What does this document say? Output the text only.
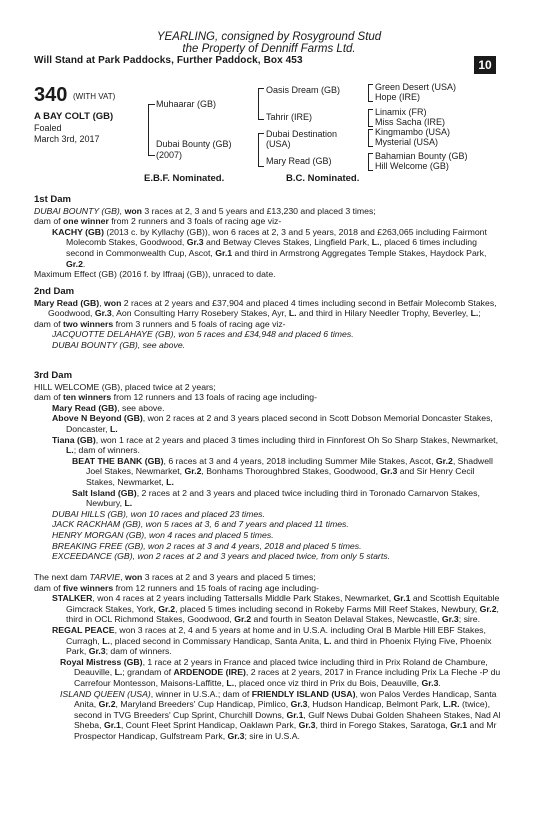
YEARLING, consigned by Rosyground Stud
the Property of Denniff Farms Ltd.
Will Stand at Park Paddocks, Further Paddock, Box 453	10
340 (WITH VAT)
A BAY COLT (GB)
Foaled
March 3rd, 2017
Muhaarar (GB)
Dubai Bounty (GB)
(2007)
Oasis Dream (GB)
Tahrir (IRE)
Dubai Destination
(USA)
Mary Read (GB)
Green Desert (USA)
Hope (IRE)
Linamix (FR)
Miss Sacha (IRE)
Kingmambo (USA)
Mysterial (USA)
Bahamian Bounty (GB)
Hill Welcome (GB)
E.B.F. Nominated.	B.C. Nominated.

1st Dam

DUBAI BOUNTY (GB), won 3 races at 2, 3 and 5 years and £13,230 and placed 3 times;

dam of one winner from 2 runners and 3 foals of racing age viz-

KACHY (GB) (2013 c. by Kyllachy (GB)), won 6 races at 2, 3 and 5 years, 2018 and £263,065 including Fairmont Molecomb Stakes, Goodwood, Gr.3 and Betway Cleves Stakes, Lingfield Park, L., placed 6 times including second in Commonwealth Cup, Ascot, Gr.1 and third in Armstrong Aggregates Temple Stakes, Haydock Park, Gr.2.

Maximum Effect (GB) (2016 f. by Iffraaj (GB)), unraced to date.

2nd Dam

Mary Read (GB), won 2 races at 2 years and £37,904 and placed 4 times including second in Betfair Molecomb Stakes, Goodwood, Gr.3, Aon Consulting Harry Rosebery Stakes, Ayr, L. and third in Hilary Needler Trophy, Beverley, L.;

dam of two winners from 3 runners and 5 foals of racing age viz-

JACQUOTTE DELAHAYE (GB), won 5 races and £34,948 and placed 6 times.

DUBAI BOUNTY (GB), see above.

3rd Dam

HILL WELCOME (GB), placed twice at 2 years;

dam of ten winners from 12 runners and 13 foals of racing age including-

Mary Read (GB), see above.

Above N Beyond (GB), won 2 races at 2 and 3 years placed second in Scott Dobson Memorial Doncaster Stakes, Doncaster, L.

Tiana (GB), won 1 race at 2 years and placed 3 times including third in Finnforest Oh So Sharp Stakes, Newmarket, L.; dam of winners.

BEAT THE BANK (GB), 6 races at 3 and 4 years, 2018 including Summer Mile Stakes, Ascot, Gr.2, Shadwell Joel Stakes, Newmarket, Gr.2, Bonhams Thoroughbred Stakes, Goodwood, Gr.3 and Sir Henry Cecil Stakes, Newmarket, L.

Salt Island (GB), 2 races at 2 and 3 years and placed twice including third in Toronado Carnarvon Stakes, Newbury, L.

DUBAI HILLS (GB), won 10 races and placed 23 times.

JACK RACKHAM (GB), won 5 races at 3, 6 and 7 years and placed 11 times.

HENRY MORGAN (GB), won 4 races and placed 5 times.

BREAKING FREE (GB), won 2 races at 3 and 4 years, 2018 and placed 5 times.

EXCEEDANCE (GB), won 2 races at 2 and 3 years and placed twice, from only 5 starts.

The next dam TARVIE, won 3 races at 2 and 3 years and placed 5 times;

dam of five winners from 12 runners and 15 foals of racing age including-

STALKER, won 4 races at 2 years including Tattersalls Middle Park Stakes, Newmarket, Gr.1 and Scottish Equitable Gimcrack Stakes, York, Gr.2, placed 5 times including second in Rokeby Farms Mill Reef Stakes, Newbury, Gr.2, third in OCL Richmond Stakes, Goodwood, Gr.2 and fourth in Seaton Delaval Stakes, Newcastle, Gr.3; sire.

REGAL PEACE, won 3 races at 2, 4 and 5 years at home and in U.S.A. including Oral B Marble Hill EBF Stakes, Curragh, L., placed second in Commissary Handicap, Santa Anita, L. and third in Phoenix Flying Five, Phoenix Park, Gr.3; dam of winners.

Royal Mistress (GB), 1 race at 2 years in France and placed twice including third in Prix Roland de Chambure, Deauville, L.; grandam of ARDENODE (IRE), 2 races at 2 years, 2017 in France including Prix La Fleche -P du Carrefour Montesson, Maisons-Laffitte, L., placed once viz third in Prix du Bois, Deauville, Gr.3.

ISLAND QUEEN (USA), winner in U.S.A.; dam of FRIENDLY ISLAND (USA), won Palos Verdes Handicap, Santa Anita, Gr.2, Maryland Breeders' Cup Handicap, Pimlico, Gr.3, Hudson Handicap, Belmont Park, L.R. (twice), second in TVG Breeders' Cup Sprint, Churchill Downs, Gr.1, Gulf News Dubai Golden Shaheen Stakes, Nad Al Sheba, Gr.1, Count Fleet Sprint Handicap, Oaklawn Park, Gr.3, third in Forego Stakes, Saratoga, Gr.1 and Mr Prospector Handicap, Gulfstream Park, Gr.3; sire in U.S.A.
